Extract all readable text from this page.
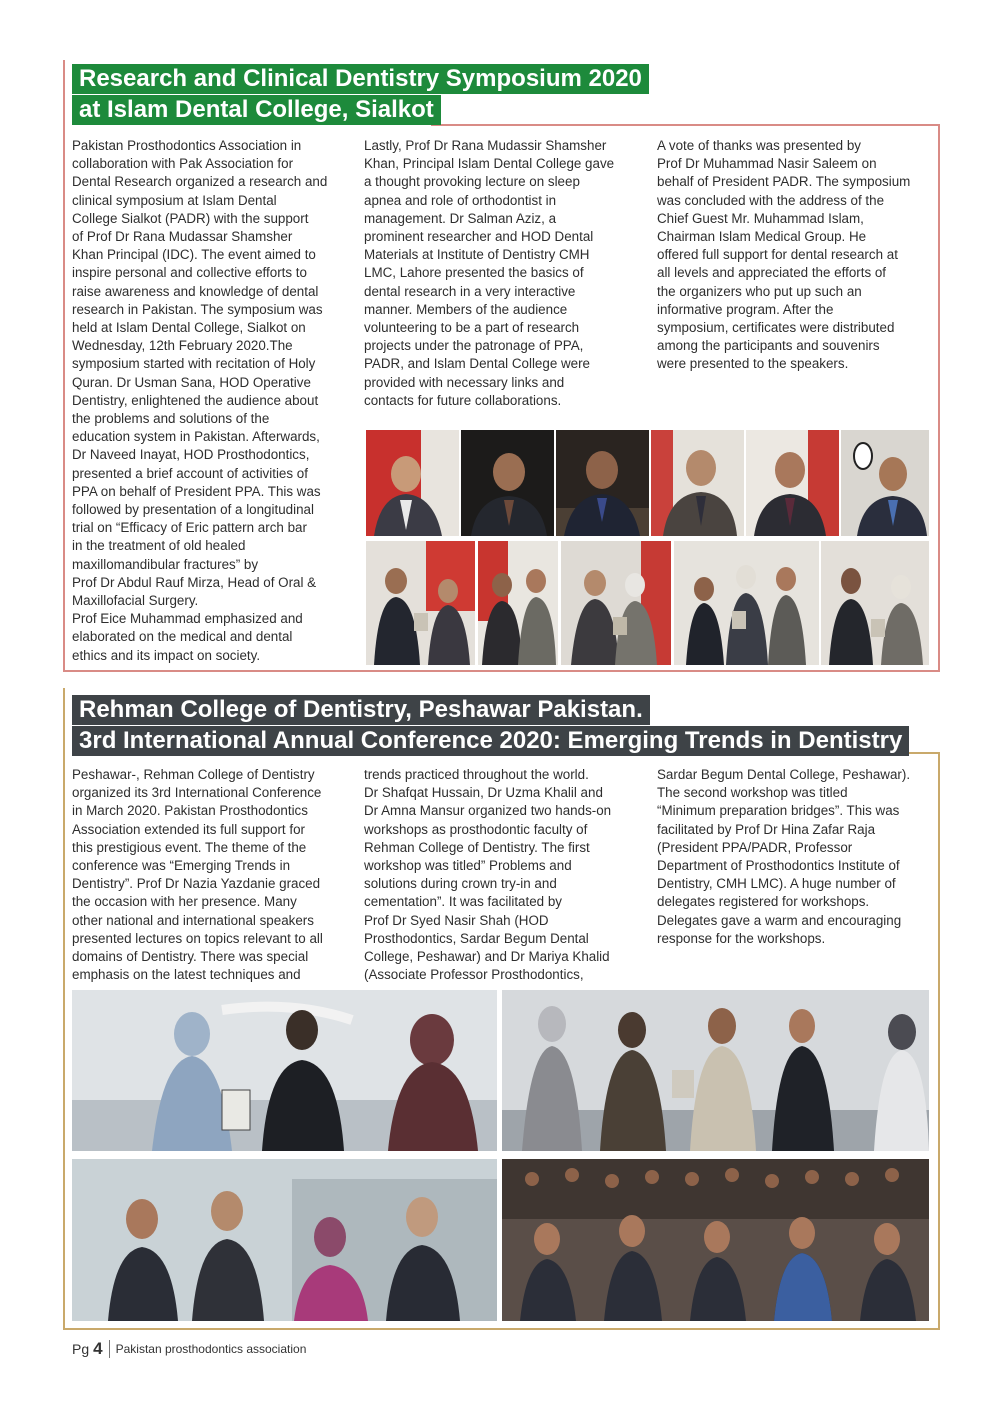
Research and Clinical Dentistry Symposium 2020
at Islam Dental College, Sialkot
Pakistan Prosthodontics Association in
collaboration with Pak Association for
Dental Research organized a research and
clinical symposium at Islam Dental
College Sialkot (PADR) with the support
of Prof Dr Rana Mudassar Shamsher
Khan Principal (IDC). The event aimed to
inspire personal and collective efforts to
raise awareness and knowledge of dental
research in Pakistan. The symposium was
held at Islam Dental College, Sialkot on
Wednesday, 12th February 2020.The
symposium started with recitation of Holy
Quran. Dr Usman Sana, HOD Operative
Dentistry, enlightened the audience about
the problems and solutions of the
education system in Pakistan. Afterwards,
Dr Naveed Inayat, HOD Prosthodontics,
presented a brief account of activities of
PPA on behalf of President PPA. This was
followed by presentation of a longitudinal
trial on “Efficacy of Eric pattern arch bar
in the treatment of old healed
maxillomandibular fractures” by
Prof Dr Abdul Rauf Mirza, Head of Oral &
Maxillofacial Surgery.
Prof Eice Muhammad emphasized and
elaborated on the medical and dental
ethics and its impact on society.
Lastly, Prof Dr Rana Mudassir Shamsher
Khan, Principal Islam Dental College gave
a thought provoking lecture on sleep
apnea and role of orthodontist in
management. Dr Salman Aziz, a
prominent researcher and HOD Dental
Materials at Institute of Dentistry CMH
LMC, Lahore presented the basics of
dental research in a very interactive
manner. Members of the audience
volunteering to be a part of research
projects under the patronage of PPA,
PADR, and Islam Dental College were
provided with necessary links and
contacts for future collaborations.
A vote of thanks was presented by
Prof Dr Muhammad Nasir Saleem on
behalf of President PADR. The symposium
was concluded with the address of the
Chief Guest Mr. Muhammad Islam,
Chairman Islam Medical Group. He
offered full support for dental research at
all levels and appreciated the efforts of
the organizers who put up such an
informative program. After the
symposium, certificates were distributed
among the participants and souvenirs
were presented to the speakers.
Rehman College of Dentistry, Peshawar Pakistan.
3rd International Annual Conference 2020: Emerging Trends in Dentistry
Peshawar-, Rehman College of Dentistry
organized its 3rd International Conference
in March 2020. Pakistan Prosthodontics
Association extended its full support for
this prestigious event. The theme of the
conference was “Emerging Trends in
Dentistry”. Prof Dr Nazia Yazdanie graced
the occasion with her presence. Many
other national and international speakers
presented lectures on topics relevant to all
domains of Dentistry. There was special
emphasis on the latest techniques and
trends practiced throughout the world.
Dr Shafqat Hussain, Dr Uzma Khalil and
Dr Amna Mansur organized two hands-on
workshops as prosthodontic faculty of
Rehman College of Dentistry. The first
workshop was titled” Problems and
solutions during crown try-in and
cementation”. It was facilitated by
Prof Dr Syed Nasir Shah (HOD
Prosthodontics, Sardar Begum Dental
College, Peshawar) and Dr Mariya Khalid
(Associate Professor Prosthodontics,
Sardar Begum Dental College, Peshawar).
The second workshop was titled
“Minimum preparation bridges”. This was
facilitated by Prof Dr Hina Zafar Raja
(President PPA/PADR, Professor
Department of Prosthodontics Institute of
Dentistry, CMH LMC). A huge number of
delegates registered for workshops.
Delegates gave a warm and encouraging
response for the workshops.
Pg 4 Pakistan prosthodontics association
